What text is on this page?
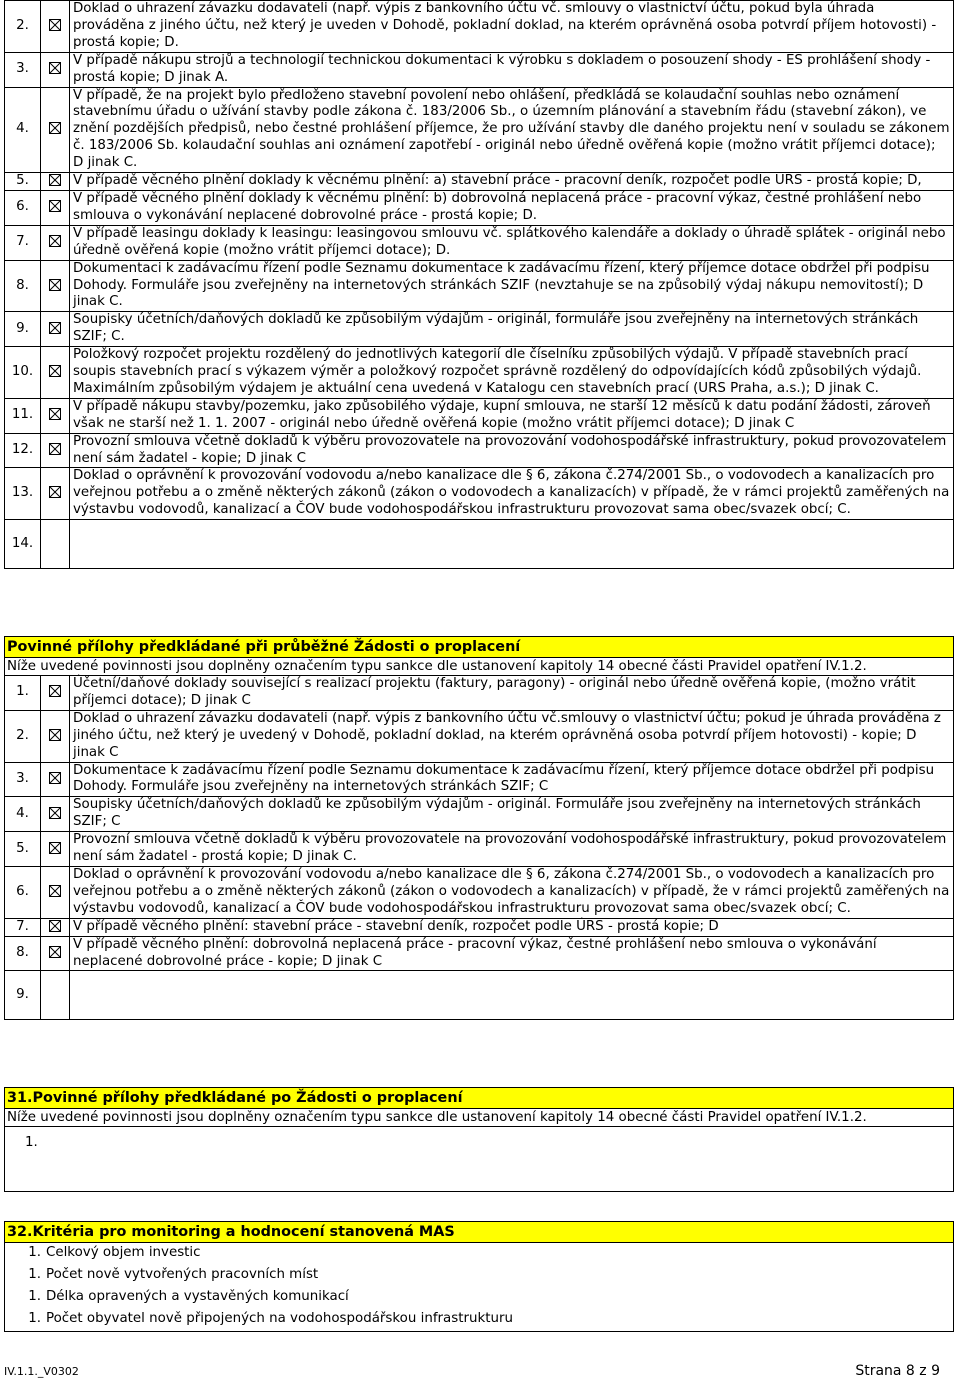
2.		Doklad o uhrazení závazku dodavateli (např. výpis z bankovního účtu vč. smlouvy o vlastnictví účtu, pokud byla úhrada prováděna z jiného účtu, než který je uveden v Dohodě, pokladní doklad, na kterém oprávněná osoba potvrdí příjem hotovosti) - prostá kopie; D.
3.		V případě nákupu strojů a technologií technickou dokumentaci k výrobku s dokladem o posouzení shody - ES prohlášení shody - prostá kopie; D jinak A.
4.		V případě, že na projekt bylo předloženo stavební povolení nebo ohlášení, předkládá se kolaudační souhlas nebo oznámení stavebnímu úřadu o užívání stavby podle zákona č. 183/2006 Sb., o územním plánování a stavebním řádu (stavební zákon), ve znění pozdějších předpisů, nebo čestné prohlášení příjemce, že pro užívání stavby dle daného projektu není v souladu se zákonem č. 183/2006 Sb. kolaudační souhlas ani oznámení zapotřebí - originál nebo úředně ověřená kopie (možno vrátit příjemci dotace); D jinak C.
5.		V případě věcného plnění doklady k věcnému plnění: a) stavební práce - pracovní deník, rozpočet podle URS - prostá kopie; D,
6.		V případě věcného plnění doklady k věcnému plnění: b) dobrovolná neplacená práce - pracovní výkaz, čestné prohlášení nebo smlouva o vykonávání neplacené dobrovolné práce - prostá kopie; D.
7.		V případě leasingu doklady k leasingu: leasingovou smlouvu vč. splátkového kalendáře a doklady o úhradě splátek - originál nebo úředně ověřená kopie (možno vrátit příjemci dotace); D.
8.		Dokumentaci k zadávacímu řízení podle Seznamu dokumentace k zadávacímu řízení, který příjemce dotace obdržel při podpisu Dohody. Formuláře jsou zveřejněny na internetových stránkách SZIF (nevztahuje se na způsobilý výdaj nákupu nemovitostí); D jinak C.
9.		Soupisky účetních/daňových dokladů ke způsobilým výdajům - originál, formuláře jsou zveřejněny na internetových stránkách SZIF; C.
10.		Položkový rozpočet projektu rozdělený do jednotlivých kategorií dle číselníku způsobilých výdajů. V případě stavebních prací soupis stavebních prací s výkazem výměr a položkový rozpočet správně rozdělený do odpovídajících kódů způsobilých výdajů. Maximálním způsobilým výdajem je aktuální cena uvedená v Katalogu cen stavebních prací (URS Praha, a.s.); D jinak C.
11.		V případě nákupu stavby/pozemku, jako způsobilého výdaje, kupní smlouva, ne starší 12 měsíců k datu podání žádosti, zároveň však ne starší než 1. 1. 2007 - originál nebo úředně ověřená kopie (možno vrátit příjemci dotace); D jinak C
12.		Provozní smlouva včetně dokladů k výběru provozovatele na provozování vodohospodářské infrastruktury, pokud provozovatelem není sám žadatel - kopie; D jinak C
13.		Doklad o oprávnění k provozování vodovodu a/nebo kanalizace dle § 6, zákona č.274/2001 Sb., o vodovodech a kanalizacích pro veřejnou potřebu a o změně některých zákonů (zákon o vodovodech a kanalizacích) v případě, že v rámci projektů zaměřených na výstavbu vodovodů, kanalizací a ČOV bude vodohospodářskou infrastrukturu provozovat sama obec/svazek obcí; C.
14.		
Povinné přílohy předkládané při průběžné Žádosti o proplacení
Níže uvedené povinnosti jsou doplněny označením typu sankce dle ustanovení kapitoly 14 obecné části Pravidel opatření IV.1.2.
1.		Účetní/daňové doklady související s realizací projektu (faktury, paragony) - originál nebo úředně ověřená kopie, (možno vrátit příjemci dotace); D jinak C
2.		Doklad o uhrazení závazku dodavateli (např. výpis z bankovního účtu vč.smlouvy o vlastnictví účtu; pokud je úhrada prováděna z jiného účtu, než který je uvedený v Dohodě, pokladní doklad, na kterém oprávněná osoba potvrdí příjem hotovosti) - kopie; D jinak C
3.		Dokumentace k zadávacímu řízení podle Seznamu dokumentace k zadávacímu řízení, který příjemce dotace obdržel při podpisu Dohody. Formuláře jsou zveřejněny na internetových stránkách SZIF; C
4.		Soupisky účetních/daňových dokladů ke způsobilým výdajům - originál. Formuláře jsou zveřejněny na internetových stránkách SZIF; C
5.		Provozní smlouva včetně dokladů k výběru provozovatele na provozování vodohospodářské infrastruktury, pokud provozovatelem není sám žadatel - prostá kopie; D jinak C.
6.		Doklad o oprávnění k provozování vodovodu a/nebo kanalizace dle § 6, zákona č.274/2001 Sb., o vodovodech a kanalizacích pro veřejnou potřebu a o změně některých zákonů (zákon o vodovodech a kanalizacích) v případě, že v rámci projektů zaměřených na výstavbu vodovodů, kanalizací a ČOV bude vodohospodářskou infrastrukturu provozovat sama obec/svazek obcí; C.
7.		V případě věcného plnění: stavební práce - stavební deník, rozpočet podle ÚRS - prostá kopie; D
8.		V případě věcného plnění: dobrovolná neplacená práce - pracovní výkaz, čestné prohlášení nebo smlouva o vykonávání neplacené dobrovolné práce - kopie; D jinak C
9.		
31.Povinné přílohy předkládané po Žádosti o proplacení
Níže uvedené povinnosti jsou doplněny označením typu sankce dle ustanovení kapitoly 14 obecné části Pravidel opatření IV.1.2.
1.
32.Kritéria pro monitoring a hodnocení stanovená MAS
1.	Celkový objem investic
1.	Počet nově vytvořených pracovních míst
1.	Délka opravených a vystavěných komunikací
1.	Počet obyvatel nově připojených na vodohospodářskou infrastrukturu
IV.1.1._V0302	Strana 8 z 9
